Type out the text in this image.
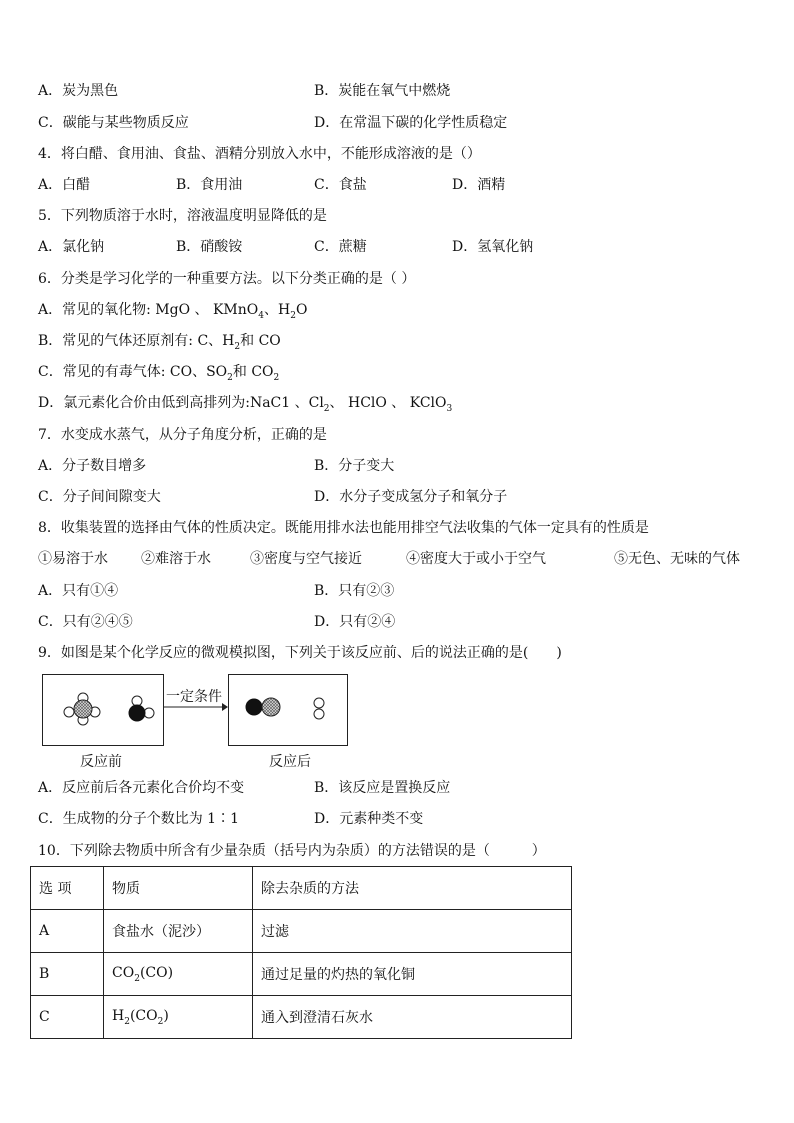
A．炭为黑色	B．炭能在氧气中燃烧
C．碳能与某些物质反应	D．在常温下碳的化学性质稳定
4．将白醋、食用油、食盐、酒精分别放入水中，不能形成溶液的是（）
A．白醋	B．食用油	C．食盐	D．酒精
5．下列物质溶于水时，溶液温度明显降低的是
A．氯化钠	B．硝酸铵	C．蔗糖	D．氢氧化钠
6．分类是学习化学的一种重要方法。以下分类正确的是（ ）
A．常见的氧化物: MgO 、 KMnO$_4$、$H_2O$
B．常见的气体还原剂有: C、$H_2$和 CO
C．常见的有毒气体: CO、$SO_2$和 $CO_2$
D．氯元素化合价由低到高排列为:NaC1 、$Cl_2$、 HClO 、 KClO$_3$
7．水变成水蒸气，从分子角度分析，正确的是
A．分子数目增多	B．分子变大
C．分子间间隙变大	D．水分子变成氢分子和氧分子
8．收集装置的选择由气体的性质决定。既能用排水法也能用排空气法收集的气体一定具有的性质是
①易溶于水 ②难溶于水	③密度与空气接近	④密度大于或小于空气	⑤无色、无味的气体
A．只有①④	B．只有②③
C．只有②④⑤	D．只有②④
9．如图是某个化学反应的微观模拟图，下列关于该反应前、后的说法正确的是(　　)
一定条件
反应前	反应后
A．反应前后各元素化合价均不变	B．该反应是置换反应
C．生成物的分子个数比为 1∶1	D．元素种类不变
10．下列除去物质中所含有少量杂质（括号内为杂质）的方法错误的是（　　　）
选 项	物质	除去杂质的方法
A	食盐水（泥沙）	过滤
B	$CO_2(CO)$	通过足量的灼热的氧化铜
C	$H_2(CO_2)$	通入到澄清石灰水
